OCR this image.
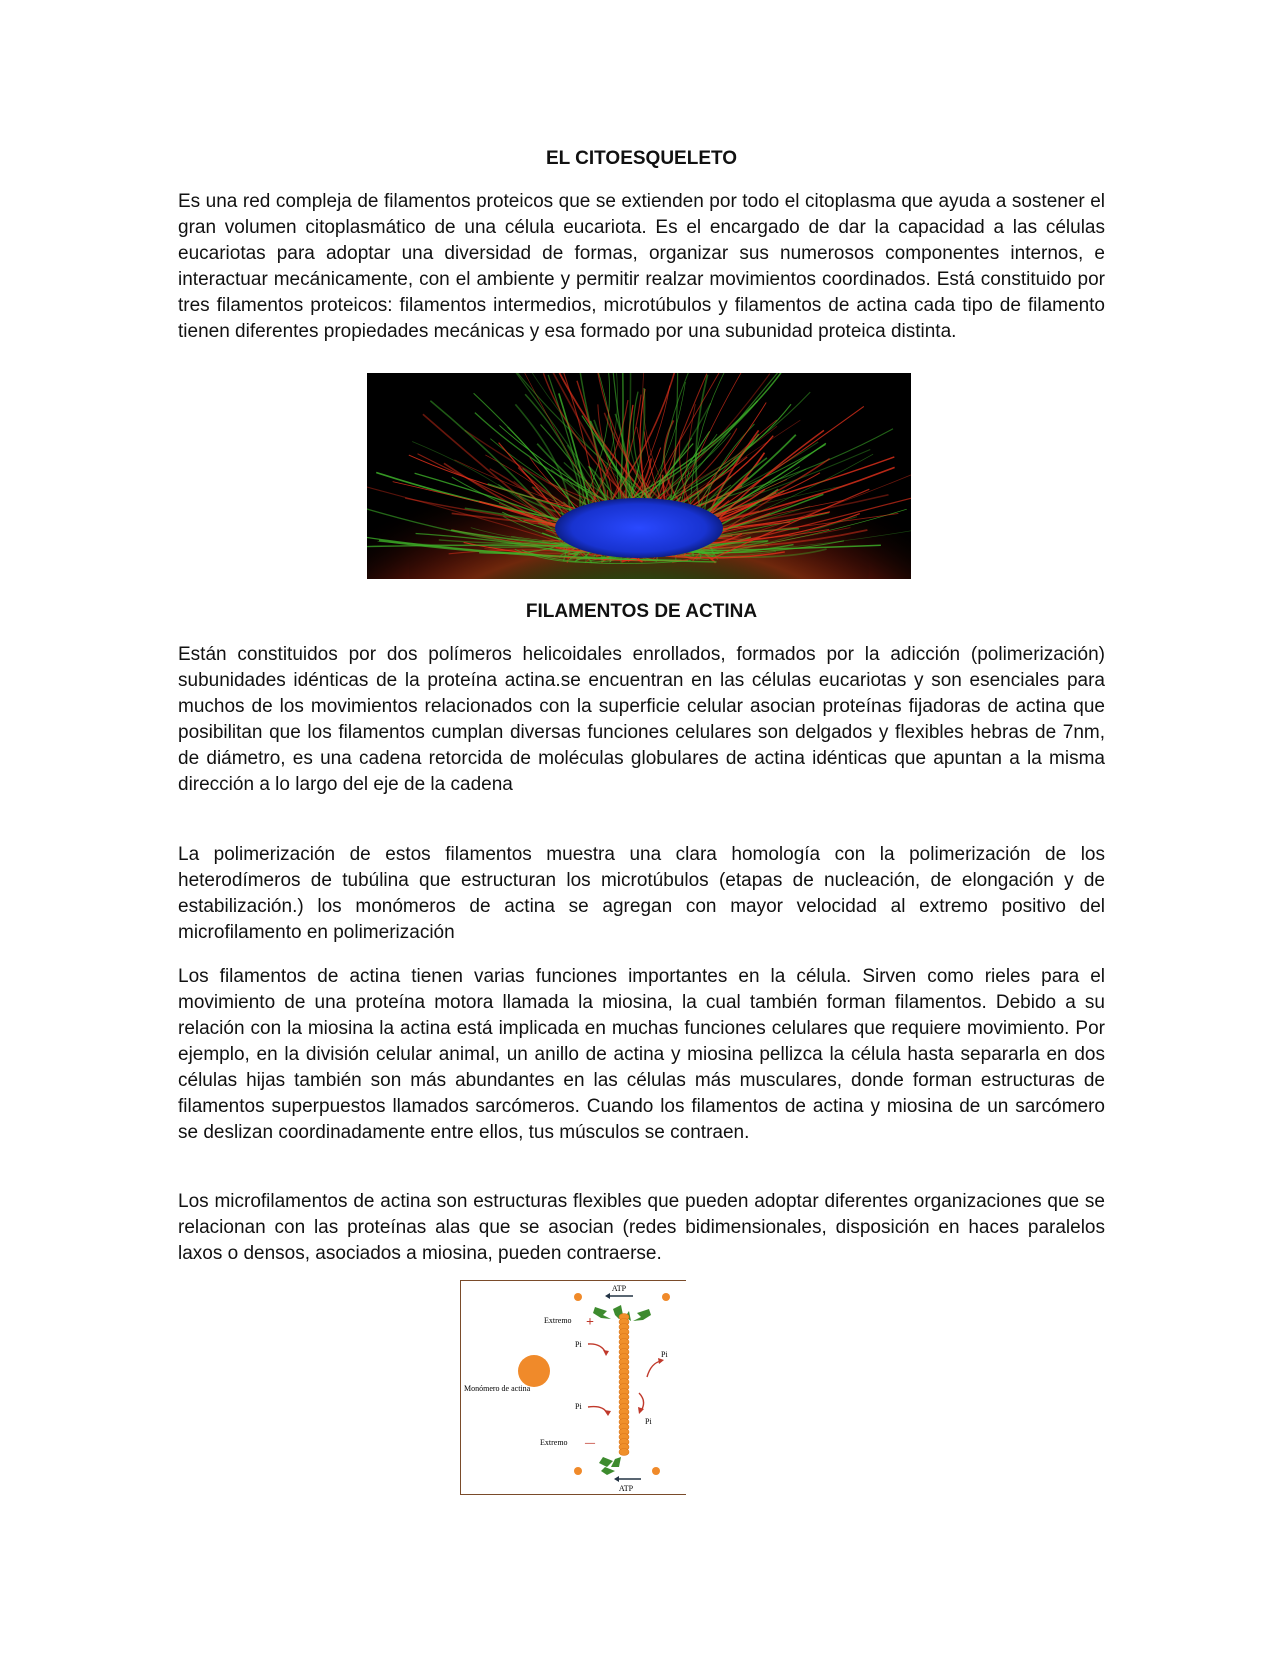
EL CITOESQUELETO

Es una red compleja de filamentos proteicos que se extienden por todo el citoplasma que ayuda a sostener el gran volumen citoplasmático de una célula eucariota. Es el encargado de dar la capacidad a las células eucariotas para adoptar una diversidad de formas, organizar sus numerosos componentes internos, e interactuar mecánicamente, con el ambiente y permitir realzar movimientos coordinados. Está constituido por tres filamentos proteicos: filamentos intermedios, microtúbulos y filamentos de actina cada tipo de filamento tienen diferentes propiedades mecánicas y esa formado por una subunidad proteica distinta.

FILAMENTOS DE ACTINA

Están constituidos por dos polímeros helicoidales enrollados, formados por la adicción (polimerización) subunidades idénticas de la proteína actina.se encuentran en las células eucariotas y son esenciales para muchos de los movimientos relacionados con la superficie celular asocian proteínas fijadoras de actina que posibilitan que los filamentos cumplan diversas funciones celulares son delgados y flexibles hebras de 7nm, de diámetro, es una cadena retorcida de moléculas globulares de actina idénticas que apuntan a la misma dirección a lo largo del eje de la cadena

La polimerización de estos filamentos muestra una clara homología con la polimerización de los heterodímeros de tubúlina que estructuran los microtúbulos (etapas de nucleación, de elongación y de estabilización.) los monómeros de actina se agregan con mayor velocidad al extremo positivo del microfilamento en polimerización

Los filamentos de actina tienen varias funciones importantes en la célula. Sirven como rieles para el movimiento de una proteína motora llamada la miosina, la cual también forman filamentos. Debido a su relación con la miosina la actina está implicada en muchas funciones celulares que requiere movimiento. Por ejemplo, en la división celular animal, un anillo de actina y miosina pellizca la célula hasta separarla en dos células hijas también son más abundantes en las células más musculares, donde forman estructuras de filamentos superpuestos llamados sarcómeros. Cuando los filamentos de actina y miosina de un sarcómero se deslizan coordinadamente entre ellos, tus músculos se contraen.

Los microfilamentos de actina son estructuras flexibles que pueden adoptar diferentes organizaciones que se relacionan con las proteínas alas que se asocian (redes bidimensionales, disposición en haces paralelos laxos o densos, asociados a miosina, pueden contraerse.

ATP
Extremo +
Pi
Pi
Monómero de actina
Pi
Pi
Extremo —
ATP
